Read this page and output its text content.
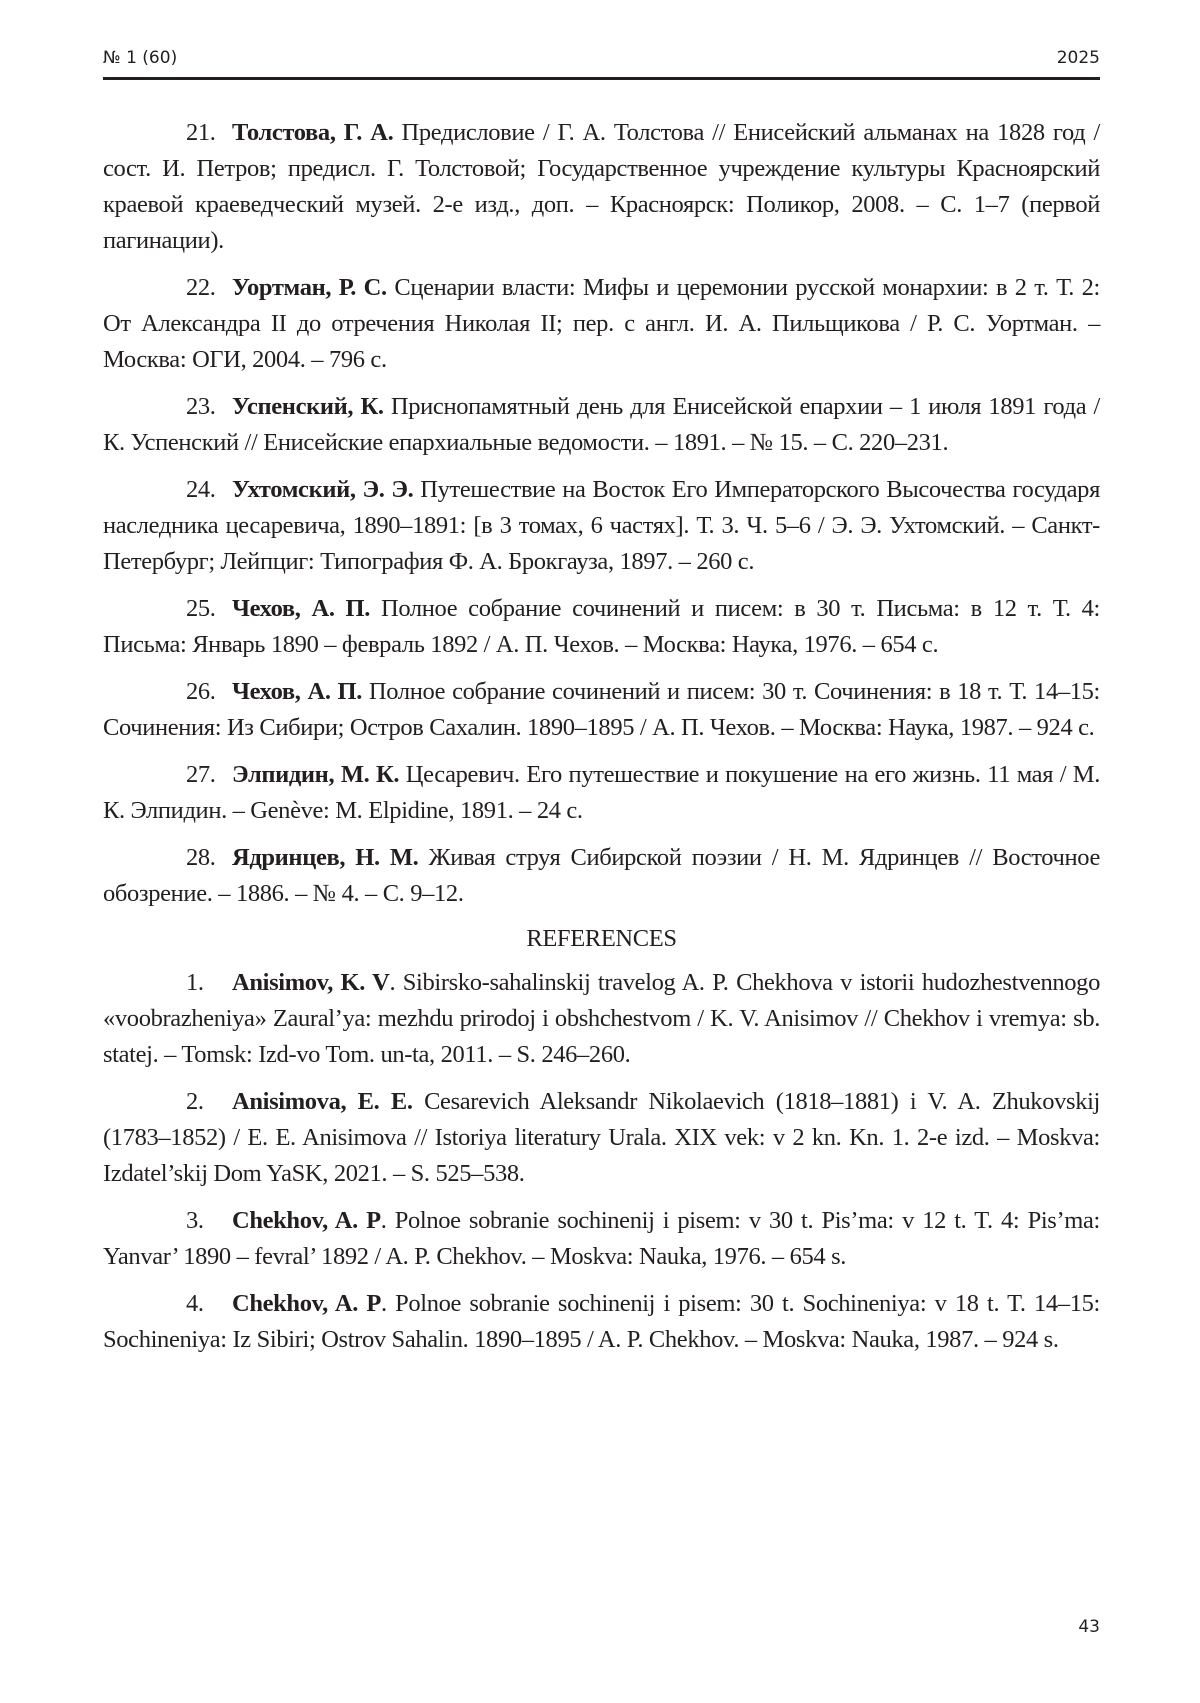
№ 1 (60)	2025

21. Толстова, Г. А. Предисловие / Г. А. Толстова // Енисейский альманах на 1828 год / сост. И. Петров; предисл. Г. Толстовой; Государственное учреждение культуры Красноярский краевой краеведческий музей. 2-е изд., доп. – Красноярск: Поликор, 2008. – С. 1–7 (первой пагинации).

22. Уортман, Р. С. Сценарии власти: Мифы и церемонии русской монархии: в 2 т. Т. 2: От Александра II до отречения Николая II; пер. с англ. И. А. Пильщикова / Р. С. Уортман. – Москва: ОГИ, 2004. – 796 с.

23. Успенский, К. Приснопамятный день для Енисейской епархии – 1 июля 1891 года / К. Успенский // Енисейские епархиальные ведомости. – 1891. – № 15. – С. 220–231.

24. Ухтомский, Э. Э. Путешествие на Восток Его Императорского Высочества государя наследника цесаревича, 1890–1891: [в 3 томах, 6 частях]. Т. 3. Ч. 5–6 / Э. Э. Ухтомский. – Санкт-Петербург; Лейпциг: Типография Ф. А. Брокгауза, 1897. – 260 с.

25. Чехов, А. П. Полное собрание сочинений и писем: в 30 т. Письма: в 12 т. Т. 4: Письма: Январь 1890 – февраль 1892 / А. П. Чехов. – Москва: Наука, 1976. – 654 с.

26. Чехов, А. П. Полное собрание сочинений и писем: 30 т. Сочинения: в 18 т. Т. 14–15: Сочинения: Из Сибири; Остров Сахалин. 1890–1895 / А. П. Чехов. – Москва: Наука, 1987. – 924 с.

27. Элпидин, М. К. Цесаревич. Его путешествие и покушение на его жизнь. 11 мая / М. К. Элпидин. – Genève: M. Elpidine, 1891. – 24 с.

28. Ядринцев, Н. М. Живая струя Сибирской поэзии / Н. М. Ядринцев // Восточное обозрение. – 1886. – № 4. – С. 9–12.

REFERENCES

1. Anisimov, K. V. Sibirsko-sahalinskij travelog A. P. Chekhova v istorii hudozhestvennogo «voobrazheniya» Zaural’ya: mezhdu prirodoj i obshchestvom / K. V. Anisimov // Chekhov i vremya: sb. statej. – Tomsk: Izd-vo Tom. un-ta, 2011. – S. 246–260.

2. Anisimova, E. E. Cesarevich Aleksandr Nikolaevich (1818–1881) i V. A. Zhukovskij (1783–1852) / E. E. Anisimova // Istoriya literatury Urala. XIX vek: v 2 kn. Kn. 1. 2-e izd. – Moskva: Izdatel’skij Dom YaSK, 2021. – S. 525–538.

3. Chekhov, A. P. Polnoe sobranie sochinenij i pisem: v 30 t. Pis’ma: v 12 t. T. 4: Pis’ma: Yanvar’ 1890 – fevral’ 1892 / A. P. Chekhov. – Moskva: Nauka, 1976. – 654 s.

4. Chekhov, A. P. Polnoe sobranie sochinenij i pisem: 30 t. Sochineniya: v 18 t. T. 14–15: Sochineniya: Iz Sibiri; Ostrov Sahalin. 1890–1895 / A. P. Chekhov. – Moskva: Nauka, 1987. – 924 s.

43
